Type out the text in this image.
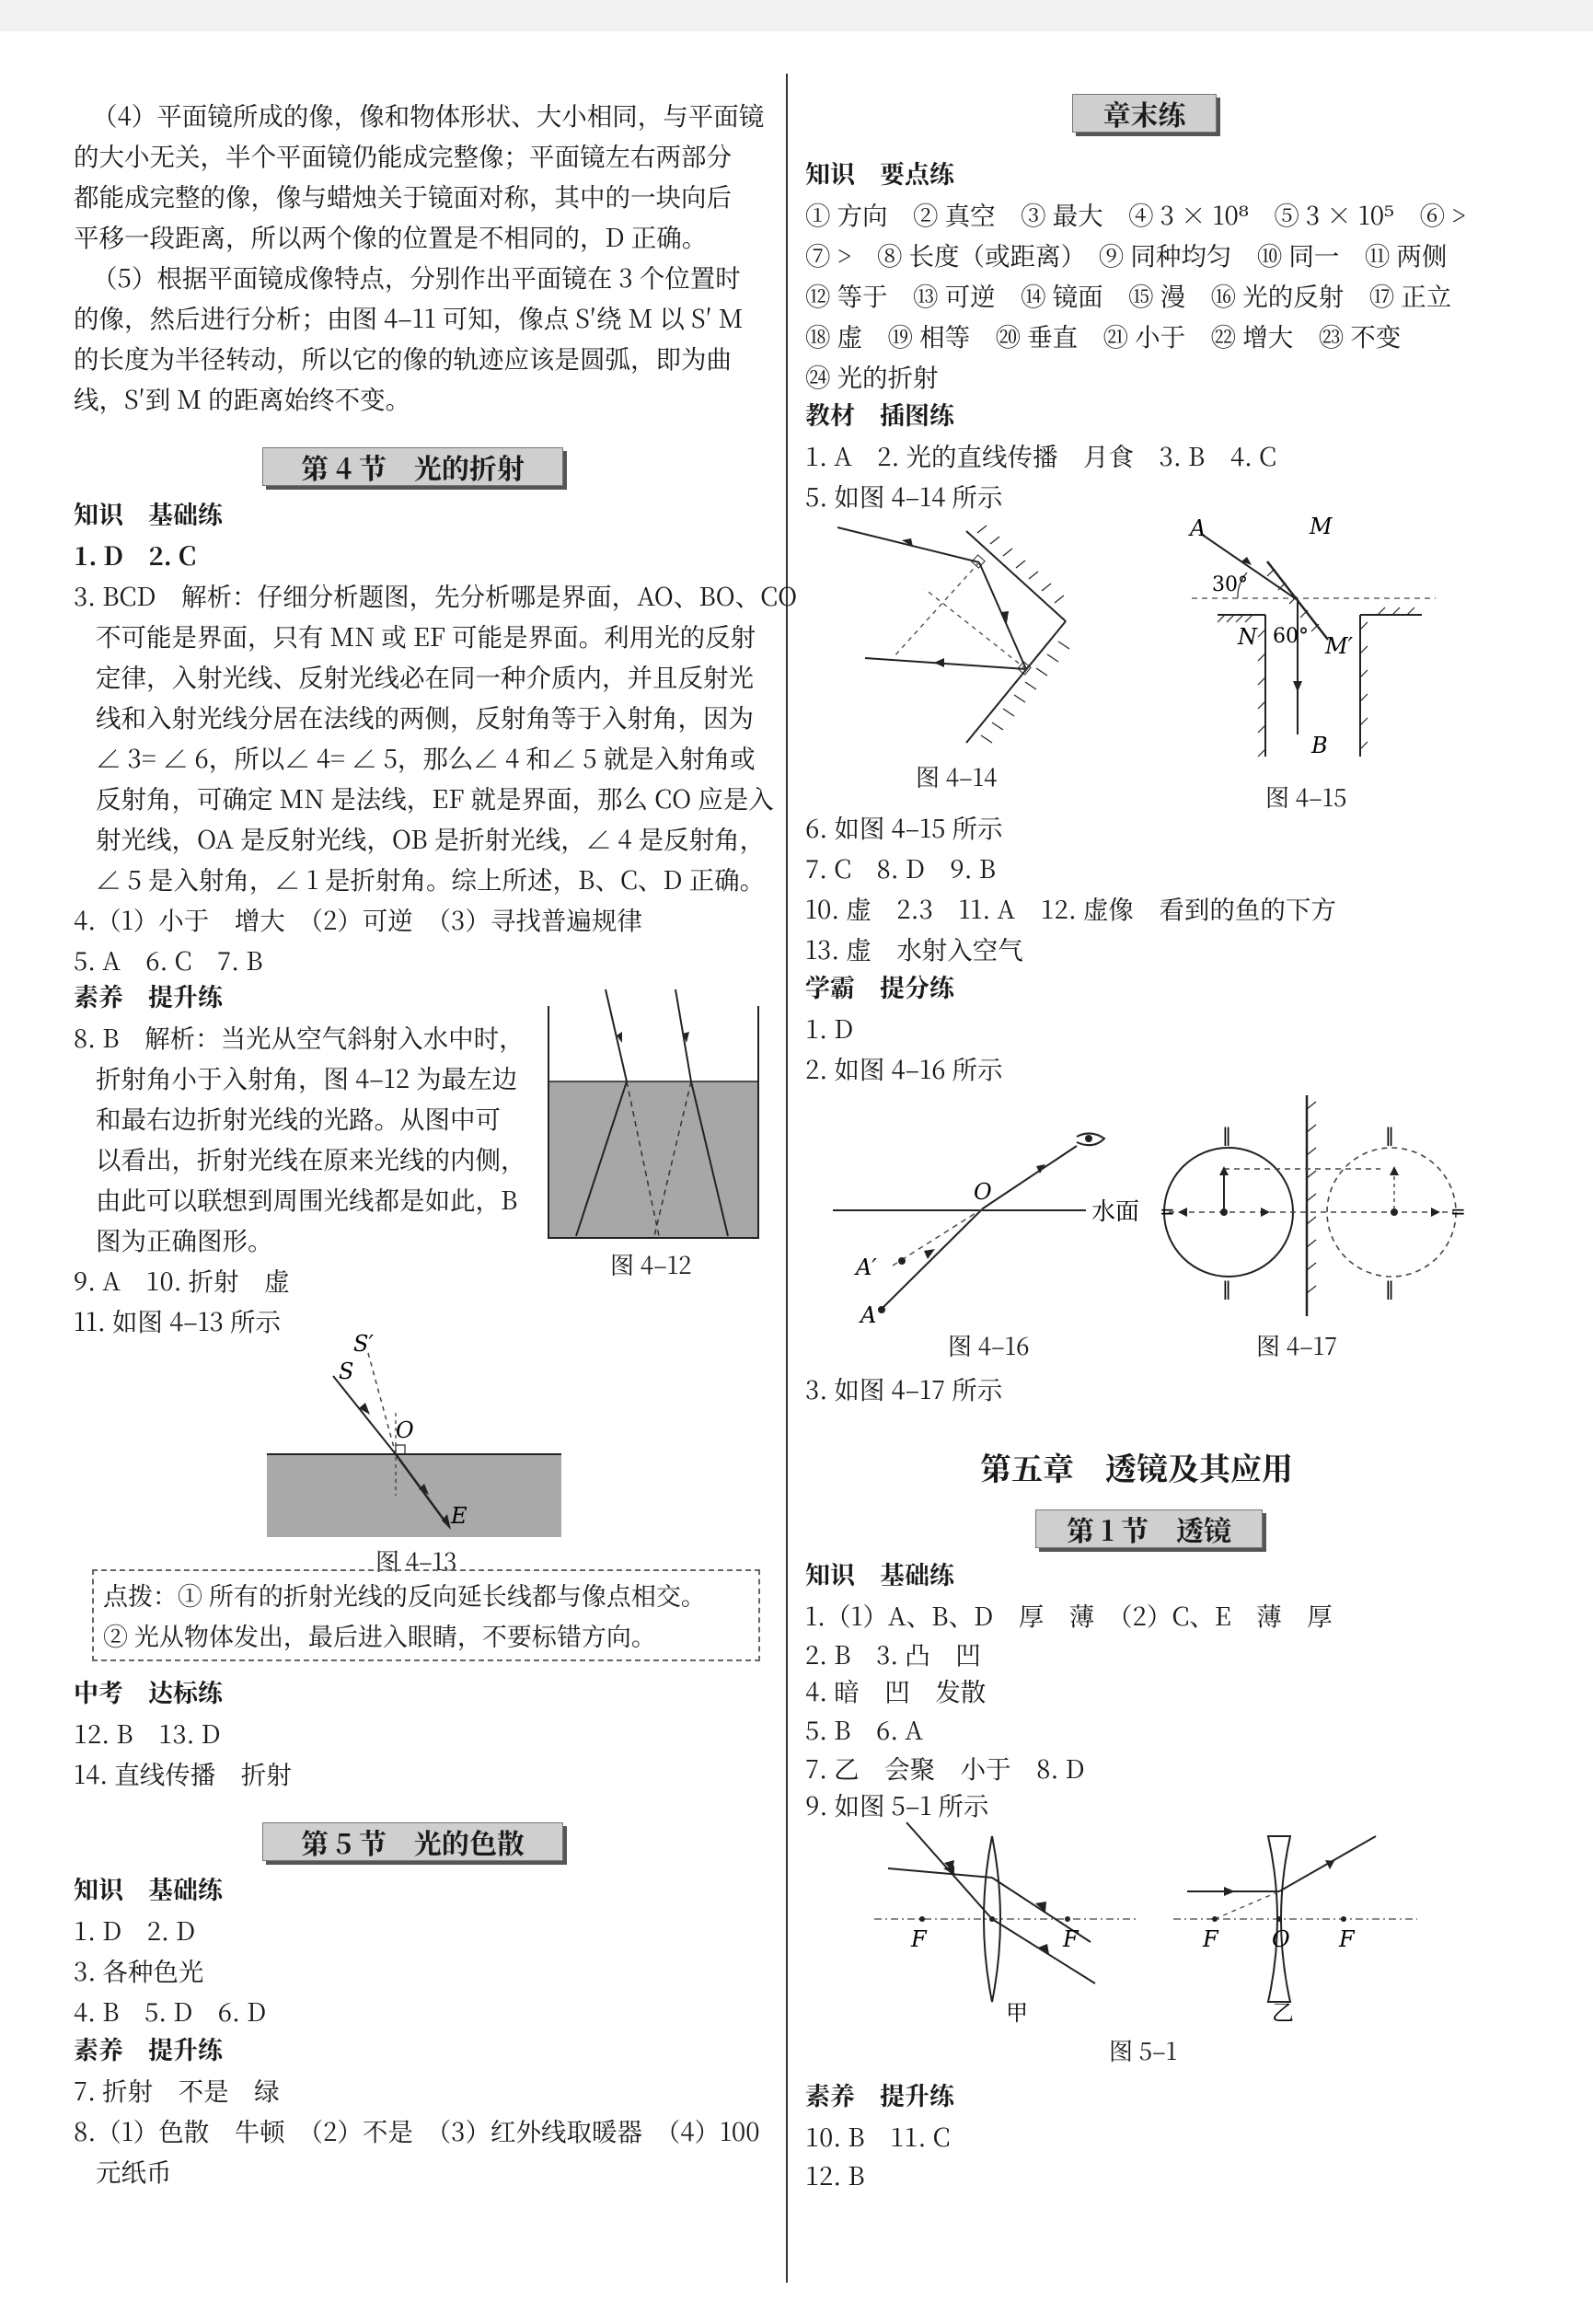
（4）平面镜所成的像，像和物体形状、大小相同，与平面镜
的大小无关，半个平面镜仍能成完整像；平面镜左右两部分
都能成完整的像，像与蜡烛关于镜面对称，其中的一块向后
平移一段距离，所以两个像的位置是不相同的，D 正确。
（5）根据平面镜成像特点，分别作出平面镜在 3 个位置时
的像，然后进行分析；由图 4–11 可知，像点 S′绕 M 以 S′ M
的长度为半径转动，所以它的像的轨迹应该是圆弧，即为曲
线，S′到 M 的距离始终不变。
第 4 节　光的折射
知识　基础练
1. D　2. C
3. BCD　解析：仔细分析题图，先分析哪是界面，AO、BO、CO
不可能是界面，只有 MN 或 EF 可能是界面。利用光的反射
定律，入射光线、反射光线必在同一种介质内，并且反射光
线和入射光线分居在法线的两侧，反射角等于入射角，因为
∠ 3= ∠ 6，所以∠ 4= ∠ 5，那么∠ 4 和∠ 5 就是入射角或
反射角，可确定 MN 是法线，EF 就是界面，那么 CO 应是入
射光线，OA 是反射光线，OB 是折射光线，∠ 4 是反射角，
∠ 5 是入射角，∠ 1 是折射角。综上所述，B、C、D 正确。
4.（1）小于　增大　（2）可逆　（3）寻找普遍规律
5. A　6. C　7. B
素养　提升练
8. B　解析：当光从空气斜射入水中时，
折射角小于入射角，图 4–12 为最左边
和最右边折射光线的光路。从图中可
以看出，折射光线在原来光线的内侧，
由此可以联想到周围光线都是如此，B
图为正确图形。
9. A　10. 折射　虚
11. 如图 4–13 所示
图 4–12
图 4–13
中考　达标练
12. B　13. D
14. 直线传播　折射
第 5 节　光的色散
知识　基础练
1. D　2. D
3. 各种色光
4. B　5. D　6. D
素养　提升练
7. 折射　不是　绿
8.（1）色散　牛顿　（2）不是　（3）红外线取暖器　（4）100
元纸币
S′
S
O
E
点拨：① 所有的折射光线的反向延长线都与像点相交。
② 光从物体发出，最后进入眼睛，不要标错方向。
章末练
知识　要点练
① 方向　② 真空　③ 最大　④ 3 × 10⁸　⑤ 3 × 10⁵　⑥ >
⑦ >　⑧ 长度（或距离）　⑨ 同种均匀　⑩ 同一　⑪ 两侧
⑫ 等于　⑬ 可逆　⑭ 镜面　⑮ 漫　⑯ 光的反射　⑰ 正立
⑱ 虚　⑲ 相等　⑳ 垂直　㉑ 小于　㉒ 增大　㉓ 不变
㉔ 光的折射
教材　插图练
1. A　2. 光的直线传播　月食　3. B　4. C
5. 如图 4–14 所示
图 4–14
图 4–15
6. 如图 4–15 所示
7. C　8. D　9. B
10. 虚　2.3　11. A　12. 虚像　看到的鱼的下方
13. 虚　水射入空气
学霸　提分练
1. D
2. 如图 4–16 所示
图 4–16	图 4–17
3. 如图 4–17 所示
第五章　透镜及其应用
第 1 节　透镜
知识　基础练
1.（1）A、B、D　厚　薄　（2）C、E　薄　厚
2. B　3. 凸　凹
4. 暗　凹　发散
5. B　6. A
7. 乙　会聚　小于　8. D
9. 如图 5–1 所示
图 5–1
素养　提升练
10. B　11. C
12. B
A	M
30°
N 60° M′
B
O
水面
A′
A
‖
‖
=
‖
‖
=
F	F	F O F
甲	乙
